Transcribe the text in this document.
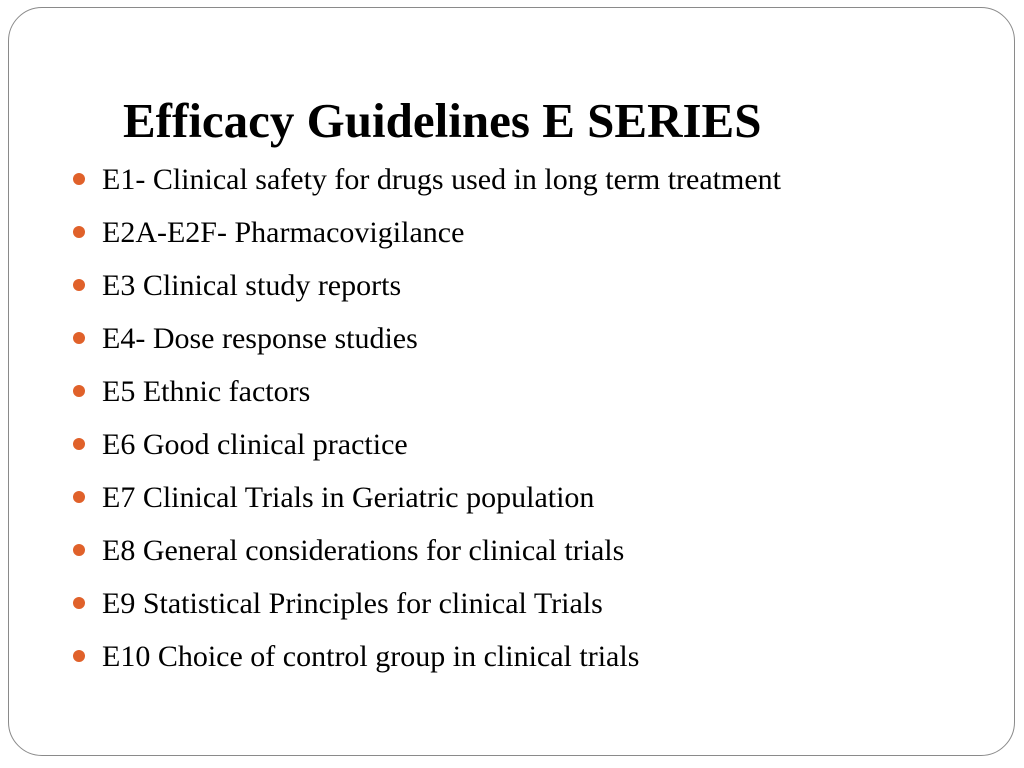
Efficacy Guidelines E SERIES
E1- Clinical safety for drugs used in long term treatment
E2A-E2F- Pharmacovigilance
E3 Clinical study reports
E4- Dose response studies
E5 Ethnic factors
E6 Good clinical practice
E7 Clinical Trials in Geriatric population
E8 General considerations for clinical trials
E9 Statistical Principles for clinical Trials
E10 Choice of control group in clinical trials
